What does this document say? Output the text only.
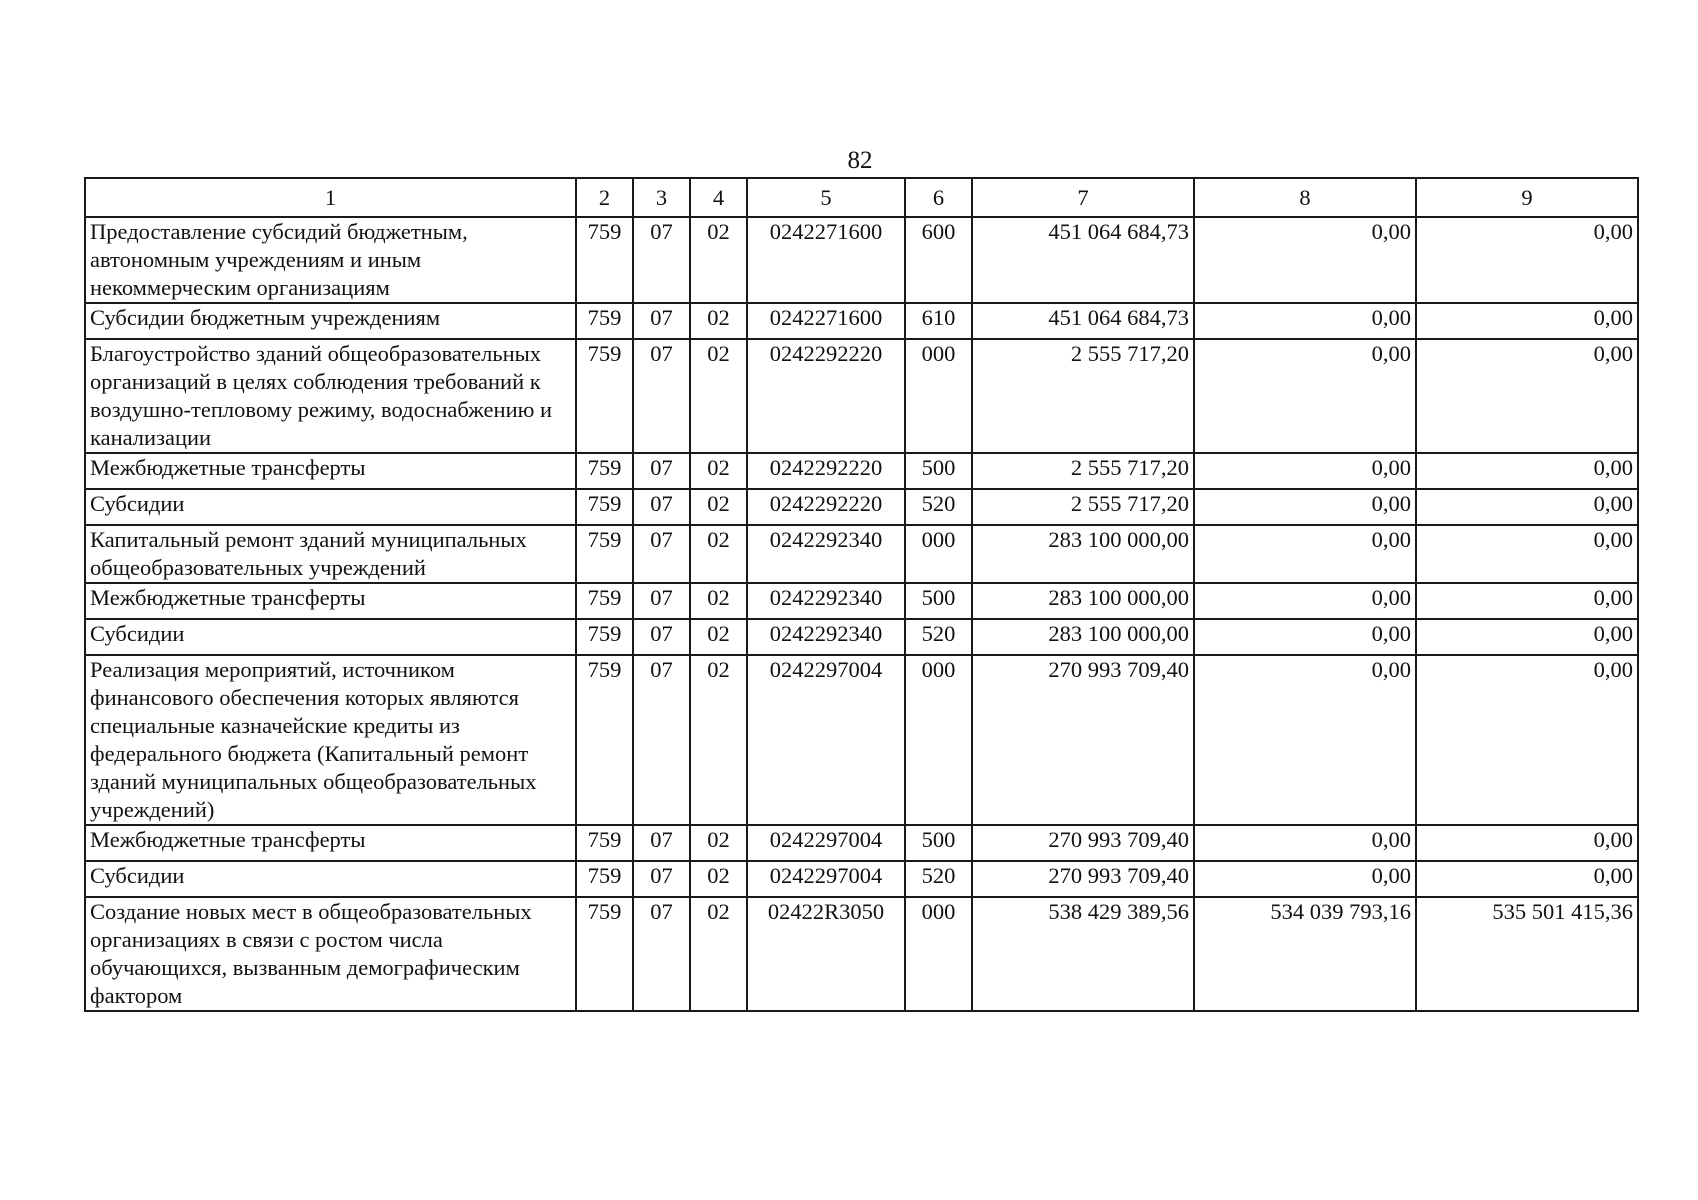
82
1	2	3	4	5	6	7	8	9
Предоставление субсидий бюджетным, автономным учреждениям и иным некоммерческим организациям	759	07	02	0242271600	600	451 064 684,73	0,00	0,00
Субсидии бюджетным учреждениям	759	07	02	0242271600	610	451 064 684,73	0,00	0,00
Благоустройство зданий общеобразовательных организаций в целях соблюдения требований к воздушно-тепловому режиму, водоснабжению и канализации	759	07	02	0242292220	000	2 555 717,20	0,00	0,00
Межбюджетные трансферты	759	07	02	0242292220	500	2 555 717,20	0,00	0,00
Субсидии	759	07	02	0242292220	520	2 555 717,20	0,00	0,00
Капитальный ремонт зданий муниципальных общеобразовательных учреждений	759	07	02	0242292340	000	283 100 000,00	0,00	0,00
Межбюджетные трансферты	759	07	02	0242292340	500	283 100 000,00	0,00	0,00
Субсидии	759	07	02	0242292340	520	283 100 000,00	0,00	0,00
Реализация мероприятий, источником финансового обеспечения которых являются специальные казначейские кредиты из федерального бюджета (Капитальный ремонт зданий муниципальных общеобразовательных учреждений)	759	07	02	0242297004	000	270 993 709,40	0,00	0,00
Межбюджетные трансферты	759	07	02	0242297004	500	270 993 709,40	0,00	0,00
Субсидии	759	07	02	0242297004	520	270 993 709,40	0,00	0,00
Создание новых мест в общеобразовательных организациях в связи с ростом числа обучающихся, вызванным демографическим фактором	759	07	02	02422R3050	000	538 429 389,56	534 039 793,16	535 501 415,36
